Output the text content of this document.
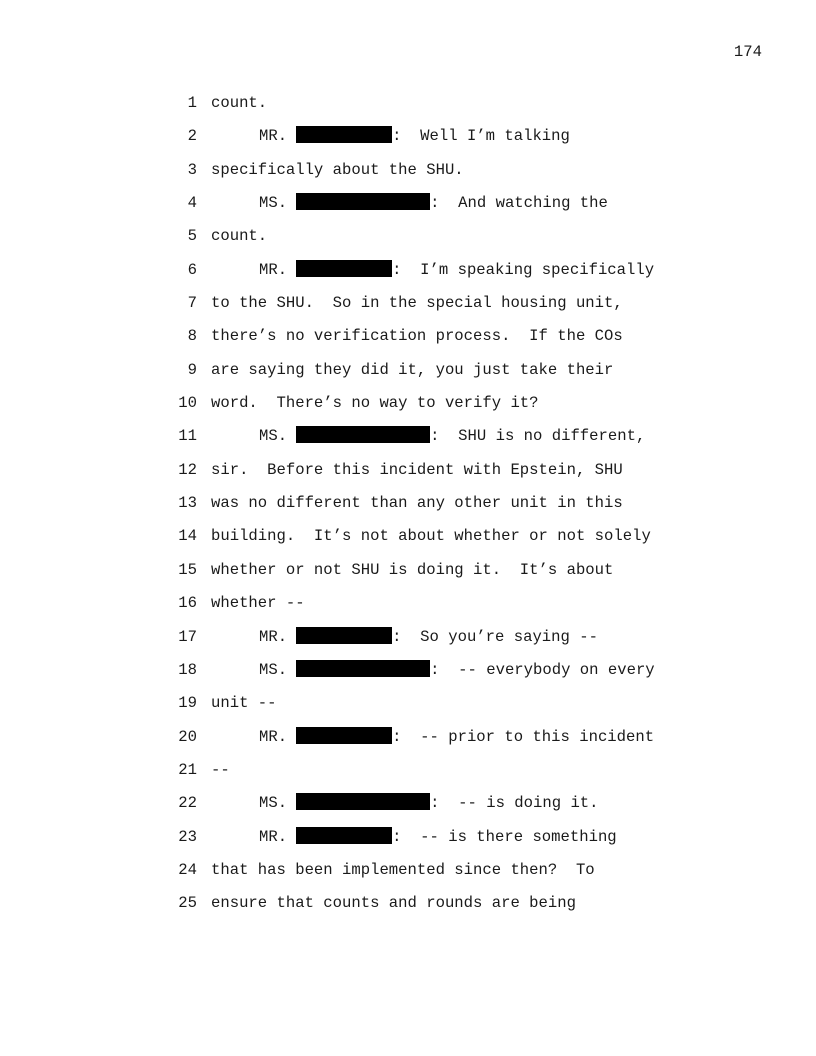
174
1 count.
2	MR.	:  Well I’m talking
3 specifically about the SHU.
4	MS.	:  And watching the
5 count.
6	MR.	:  I’m speaking specifically
7 to the SHU.  So in the special housing unit,
8 there’s no verification process.  If the COs
9 are saying they did it, you just take their
10 word.  There’s no way to verify it?
11	MS.	:  SHU is no different,
12 sir.  Before this incident with Epstein, SHU
13 was no different than any other unit in this
14 building.  It’s not about whether or not solely
15 whether or not SHU is doing it.  It’s about
16 whether --
17	MR.	:  So you’re saying --
18	MS.	:  -- everybody on every
19 unit --
20	MR.	:  -- prior to this incident
21 --
22	MS.	:  -- is doing it.
23	MR.	:  -- is there something
24 that has been implemented since then?  To
25 ensure that counts and rounds are being
